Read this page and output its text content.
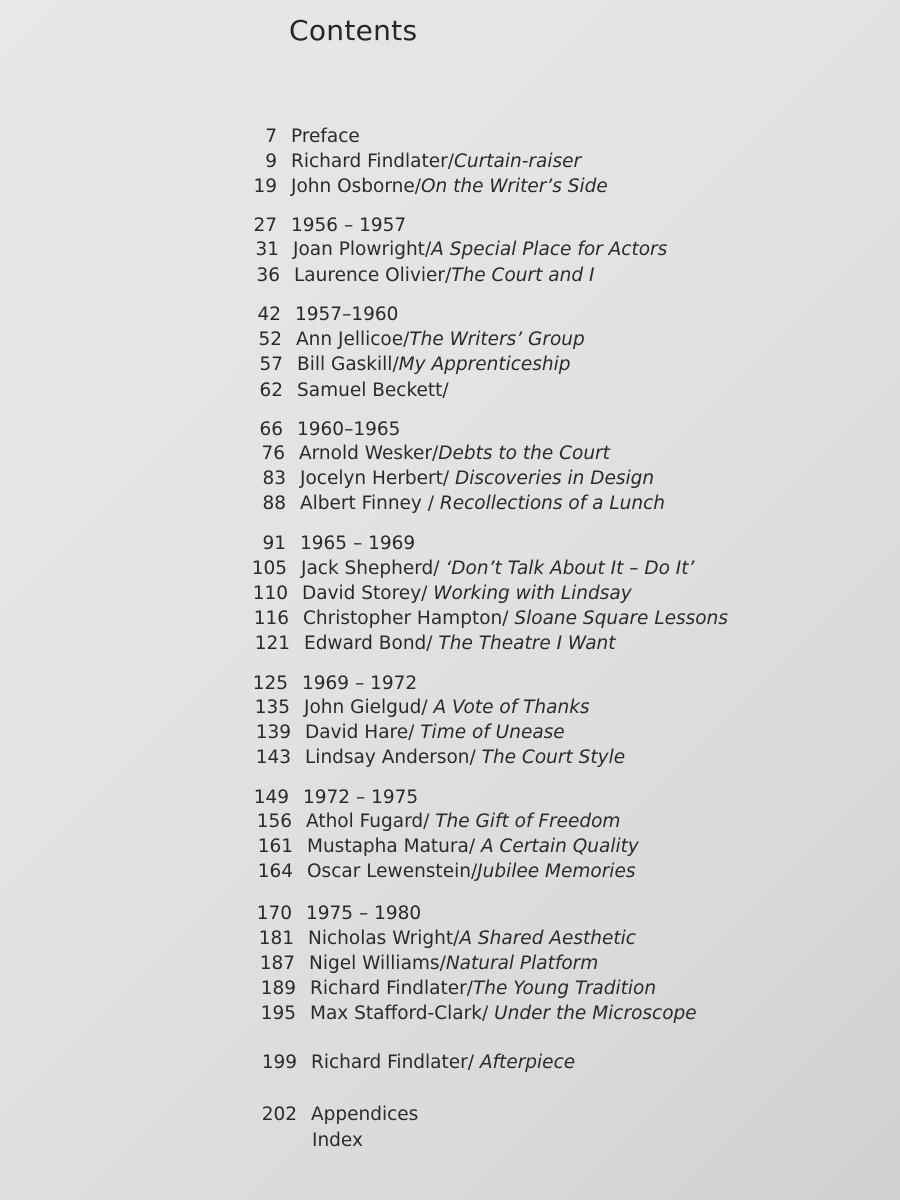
Contents
7 Preface
9 Richard Findlater/Curtain-raiser
19 John Osborne/On the Writer’s Side
27 1956 – 1957
31 Joan Plowright/A Special Place for Actors
36 Laurence Olivier/The Court and I
42 1957–1960
52 Ann Jellicoe/The Writers’ Group
57 Bill Gaskill/My Apprenticeship
62 Samuel Beckett/
66 1960–1965
76 Arnold Wesker/Debts to the Court
83 Jocelyn Herbert/ Discoveries in Design
88 Albert Finney / Recollections of a Lunch
91 1965 – 1969
105 Jack Shepherd/ ‘Don’t Talk About It – Do It’
110 David Storey/ Working with Lindsay
116 Christopher Hampton/ Sloane Square Lessons
121 Edward Bond/ The Theatre I Want
125 1969 – 1972
135 John Gielgud/ A Vote of Thanks
139 David Hare/ Time of Unease
143 Lindsay Anderson/ The Court Style
149 1972 – 1975
156 Athol Fugard/ The Gift of Freedom
161 Mustapha Matura/ A Certain Quality
164 Oscar Lewenstein/Jubilee Memories
170 1975 – 1980
181 Nicholas Wright/A Shared Aesthetic
187 Nigel Williams/Natural Platform
189 Richard Findlater/The Young Tradition
195 Max Stafford-Clark/ Under the Microscope
199 Richard Findlater/ Afterpiece
202 Appendices
Index
